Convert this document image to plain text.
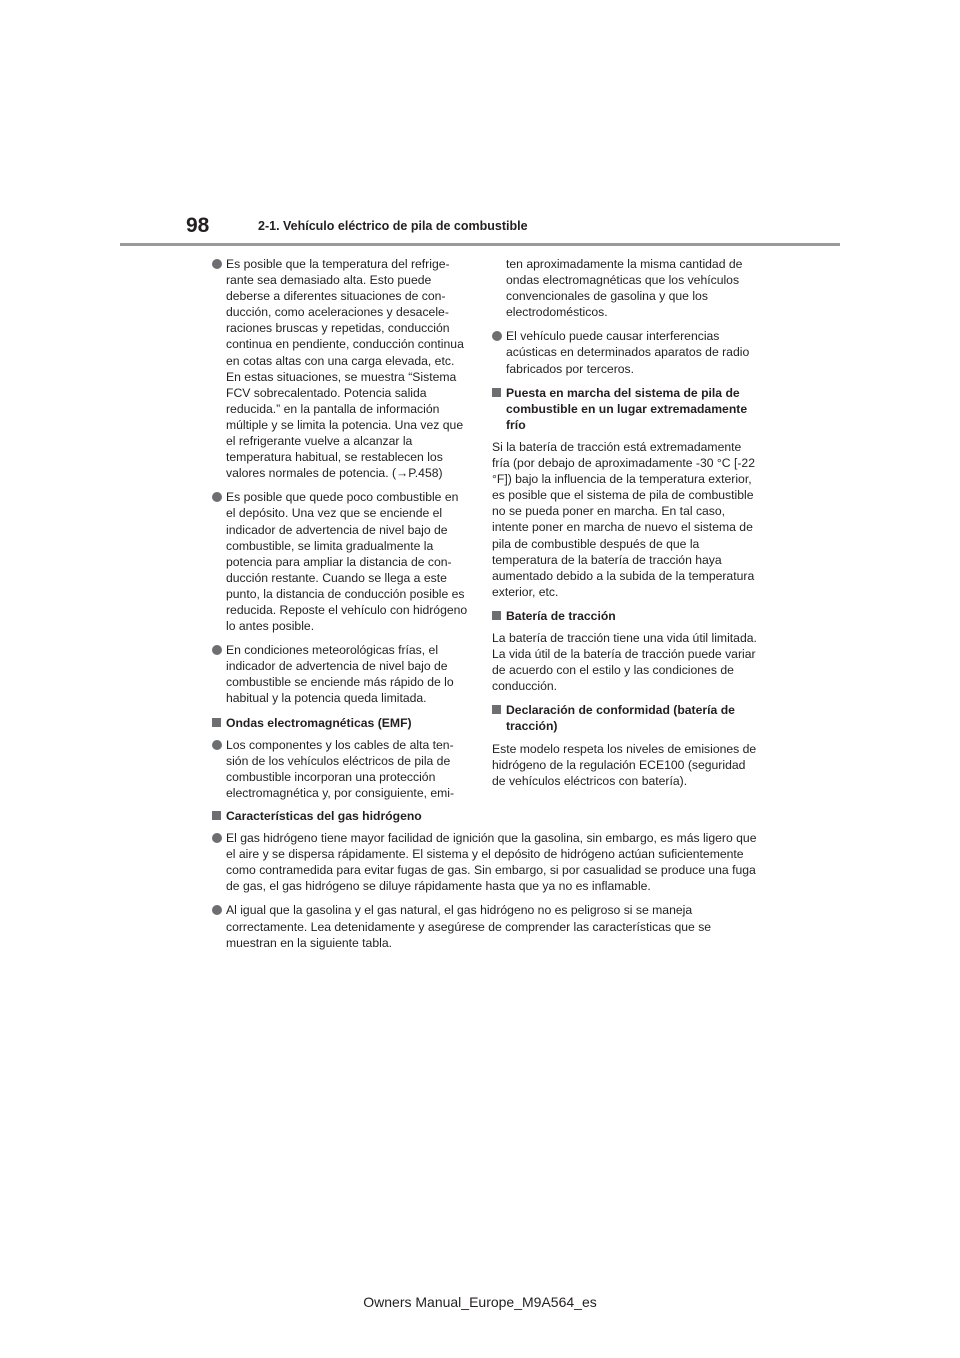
98	2-1. Vehículo eléctrico de pila de combustible
Es posible que la temperatura del refrigerante sea demasiado alta. Esto puede deberse a diferentes situaciones de conducción, como aceleraciones y desaceleraciones bruscas y repetidas, conducción continua en pendiente, conducción continua en cotas altas con una carga elevada, etc. En estas situaciones, se muestra “Sistema FCV sobrecalentado. Potencia salida reducida.” en la pantalla de información múltiple y se limita la potencia. Una vez que el refrigerante vuelve a alcanzar la temperatura habitual, se restablecen los valores normales de potencia. (→P.458)
Es posible que quede poco combustible en el depósito. Una vez que se enciende el indicador de advertencia de nivel bajo de combustible, se limita gradualmente la potencia para ampliar la distancia de conducción restante. Cuando se llega a este punto, la distancia de conducción posible es reducida. Reposte el vehículo con hidrógeno lo antes posible.
En condiciones meteorológicas frías, el indicador de advertencia de nivel bajo de combustible se enciende más rápido de lo habitual y la potencia queda limitada.
Ondas electromagnéticas (EMF)
Los componentes y los cables de alta tensión de los vehículos eléctricos de pila de combustible incorporan una protección electromagnética y, por consiguiente, emi-
ten aproximadamente la misma cantidad de ondas electromagnéticas que los vehículos convencionales de gasolina y que los electrodomésticos.
El vehículo puede causar interferencias acústicas en determinados aparatos de radio fabricados por terceros.
Puesta en marcha del sistema de pila de combustible en un lugar extremadamente frío
Si la batería de tracción está extremadamente fría (por debajo de aproximadamente -30 °C [-22 °F]) bajo la influencia de la temperatura exterior, es posible que el sistema de pila de combustible no se pueda poner en marcha. En tal caso, intente poner en marcha de nuevo el sistema de pila de combustible después de que la temperatura de la batería de tracción haya aumentado debido a la subida de la temperatura exterior, etc.
Batería de tracción
La batería de tracción tiene una vida útil limitada. La vida útil de la batería de tracción puede variar de acuerdo con el estilo y las condiciones de conducción.
Declaración de conformidad (batería de tracción)
Este modelo respeta los niveles de emisiones de hidrógeno de la regulación ECE100 (seguridad de vehículos eléctricos con batería).
Características del gas hidrógeno
El gas hidrógeno tiene mayor facilidad de ignición que la gasolina, sin embargo, es más ligero que el aire y se dispersa rápidamente. El sistema y el depósito de hidrógeno actúan suficientemente como contramedida para evitar fugas de gas. Sin embargo, si por casualidad se produce una fuga de gas, el gas hidrógeno se diluye rápidamente hasta que ya no es inflamable.
Al igual que la gasolina y el gas natural, el gas hidrógeno no es peligroso si se maneja correctamente. Lea detenidamente y asegúrese de comprender las características que se muestran en la siguiente tabla.
Owners Manual_Europe_M9A564_es
